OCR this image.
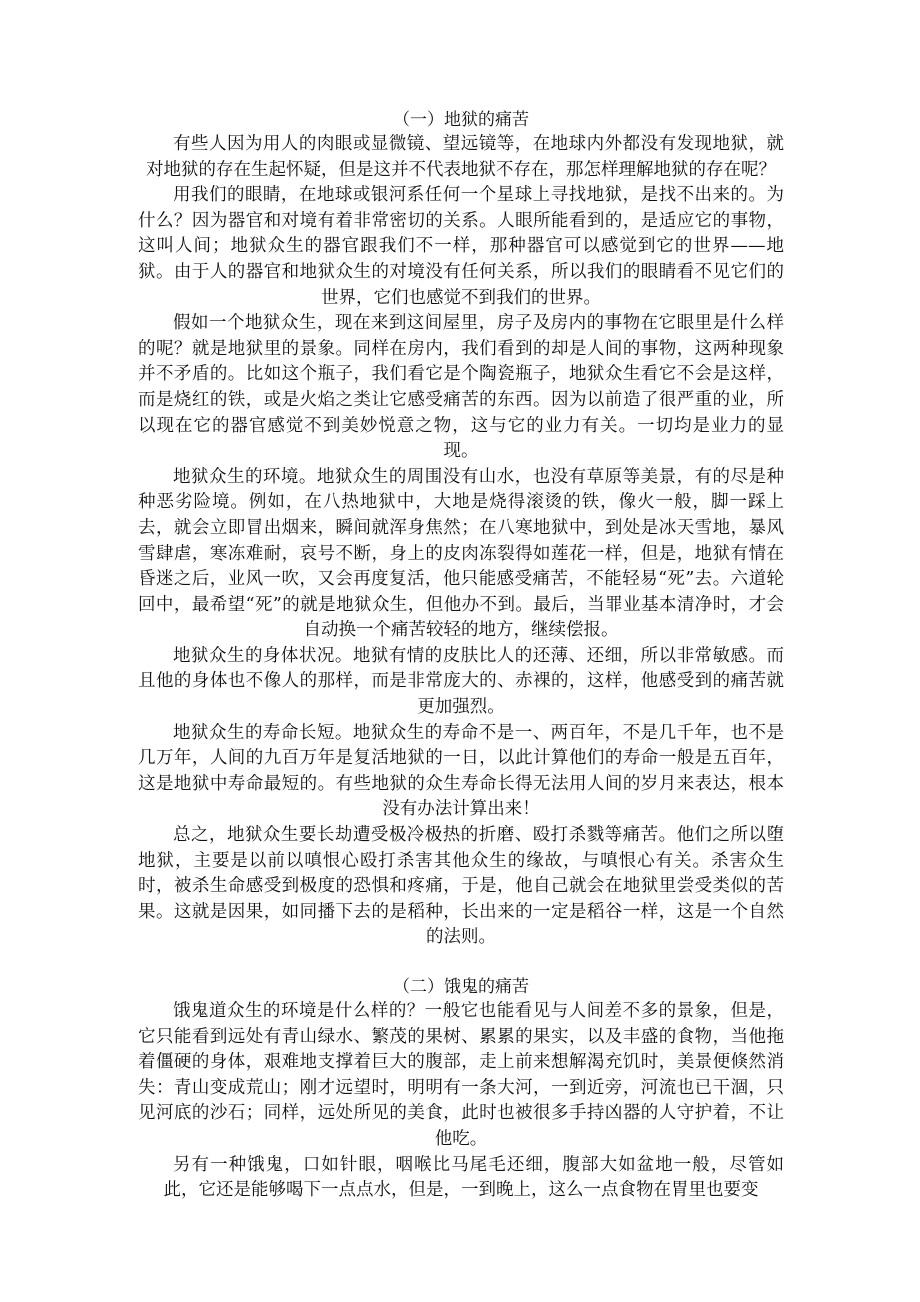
（一）地狱的痛苦

有些人因为用人的肉眼或显微镜、望远镜等，在地球内外都没有发现地狱，就对地狱的存在生起怀疑，但是这并不代表地狱不存在，那怎样理解地狱的存在呢？

用我们的眼睛，在地球或银河系任何一个星球上寻找地狱，是找不出来的。为什么？因为器官和对境有着非常密切的关系。人眼所能看到的，是适应它的事物，这叫人间；地狱众生的器官跟我们不一样，那种器官可以感觉到它的世界——地狱。由于人的器官和地狱众生的对境没有任何关系，所以我们的眼睛看不见它们的世界，它们也感觉不到我们的世界。

假如一个地狱众生，现在来到这间屋里，房子及房内的事物在它眼里是什么样的呢？就是地狱里的景象。同样在房内，我们看到的却是人间的事物，这两种现象并不矛盾的。比如这个瓶子，我们看它是个陶瓷瓶子，地狱众生看它不会是这样，而是烧红的铁，或是火焰之类让它感受痛苦的东西。因为以前造了很严重的业，所以现在它的器官感觉不到美妙悦意之物，这与它的业力有关。一切均是业力的显现。

地狱众生的环境。地狱众生的周围没有山水，也没有草原等美景，有的尽是种种恶劣险境。例如，在八热地狱中，大地是烧得滚烫的铁，像火一般，脚一踩上去，就会立即冒出烟来，瞬间就浑身焦然；在八寒地狱中，到处是冰天雪地，暴风雪肆虐，寒冻难耐，哀号不断，身上的皮肉冻裂得如莲花一样，但是，地狱有情在昏迷之后，业风一吹，又会再度复活，他只能感受痛苦，不能轻易“死”去。六道轮回中，最希望“死”的就是地狱众生，但他办不到。最后，当罪业基本清净时，才会自动换一个痛苦较轻的地方，继续偿报。

地狱众生的身体状况。地狱有情的皮肤比人的还薄、还细，所以非常敏感。而且他的身体也不像人的那样，而是非常庞大的、赤裸的，这样，他感受到的痛苦就更加强烈。

地狱众生的寿命长短。地狱众生的寿命不是一、两百年，不是几千年，也不是几万年，人间的九百万年是复活地狱的一日，以此计算他们的寿命一般是五百年，这是地狱中寿命最短的。有些地狱的众生寿命长得无法用人间的岁月来表达，根本没有办法计算出来！

总之，地狱众生要长劫遭受极冷极热的折磨、殴打杀戮等痛苦。他们之所以堕地狱，主要是以前以嗔恨心殴打杀害其他众生的缘故，与嗔恨心有关。杀害众生时，被杀生命感受到极度的恐惧和疼痛，于是，他自己就会在地狱里尝受类似的苦果。这就是因果，如同播下去的是稻种，长出来的一定是稻谷一样，这是一个自然的法则。

（二）饿鬼的痛苦

饿鬼道众生的环境是什么样的？一般它也能看见与人间差不多的景象，但是，它只能看到远处有青山绿水、繁茂的果树、累累的果实，以及丰盛的食物，当他拖着僵硬的身体，艰难地支撑着巨大的腹部，走上前来想解渴充饥时，美景便倏然消失：青山变成荒山；刚才远望时，明明有一条大河，一到近旁，河流也已干涸，只见河底的沙石；同样，远处所见的美食，此时也被很多手持凶器的人守护着，不让他吃。

另有一种饿鬼，口如针眼，咽喉比马尾毛还细，腹部大如盆地一般，尽管如此，它还是能够喝下一点点水，但是，一到晚上，这么一点食物在胃里也要变
